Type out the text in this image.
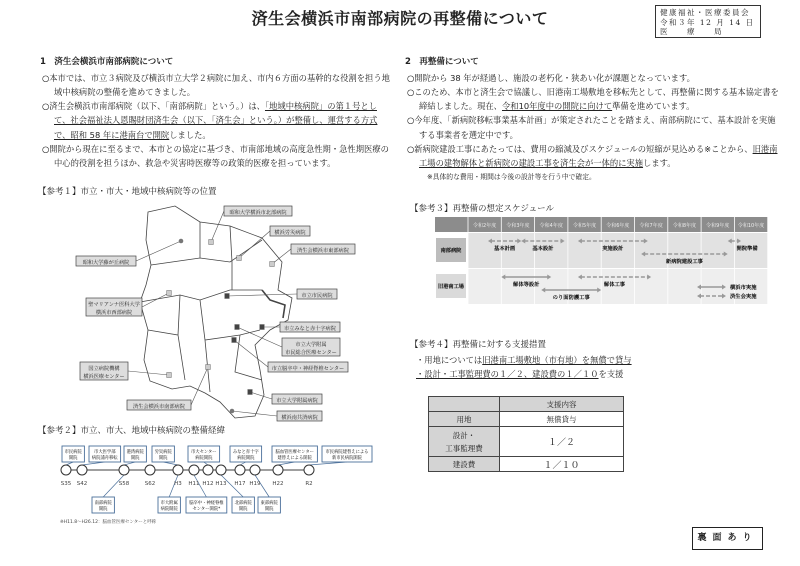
済生会横浜市南部病院の再整備について	健康福祉・医療委員会
令和３年 12 月 14 日
医　　療　　局
1　済生会横浜市南部病院について
○本市では、市立３病院及び横浜市立大学２病院に加え、市内６方面の基幹的な役割を担う地域中核病院の整備を進めてきました。
○済生会横浜市南部病院（以下、「南部病院」という。）は、「地域中核病院」の第１号として、社会福祉法人恩賜財団済生会（以下、「済生会」という。）が整備し、運営する方式で、昭和 58 年に港南台で開院しました。
○開院から現在に至るまで、本市との協定に基づき、市南部地域の高度急性期・急性期医療の中心的役割を担うほか、救急や災害時医療等の政策的医療を担っています。
2　再整備について
○開院から 38 年が経過し、施設の老朽化・狭あい化が課題となっています。
○このため、本市と済生会で協議し、旧港南工場敷地を移転先として、再整備に関する基本協定書を締結しました。現在、令和10年度中の開院に向けて準備を進めています。
○今年度、「新病院移転事業基本計画」が策定されたことを踏まえ、南部病院にて、基本設計を実施する事業者を選定中です。
○新病院建設工事にあたっては、費用の縮減及びスケジュールの短縮が見込める※ことから、旧港南工場の建物解体と新病院の建設工事を済生会が一体的に実施します。
※具体的な費用・期間は今後の設計等を行う中で確定。
【参考１】市立・市大・地域中核病院等の位置
昭和大学横浜市北部病院
横浜労災病院
済生会横浜市東部病院
昭和大学藤が丘病院
市立市民病院
聖マリアンナ医科大学
横浜市西部病院
市立みなと赤十字病院
市立大学附属
市民総合医療センター
市立脳卒中・神経脊椎センター
国立病院機構
横浜医療センター
市立大学附属病院
済生会横浜市南部病院
横浜南共済病院
【参考２】市立、市大、地域中核病院の整備経緯
市民病院
開院
市大医学部
病院浦舟移転
港湾病院
開院
労災病院
開院
市大センター
病院開院
みなと赤十字
病院開院
脳血管医療センター
建替えによる開院
市民病院建替えによる
新市民病院開院
南部病院
開院
市大附属
病院開院
脳卒中・神経脊椎
センター開院*
北部病院
開院
東部病院
開院
S35 S42	S58	S62	H3 H11 H12 H13 H17 H19 H22	R2
※H11.8～H26.12：脳血管医療センターと呼称
【参考３】再整備の想定スケジュール
令和2年度 令和3年度 令和4年度 令和5年度 令和6年度 令和7年度 令和8年度 令和9年度 令和10年度
南部病院
旧港南工場
基本計画	基本設計	実施設計
新病院建設工事
開院準備
解体等設計	解体工事
のり面防護工事
横浜市実施
済生会実施
【参考４】再整備に対する支援措置
・用地については旧港南工場敷地（市有地）を無償で貸与
・設計・工事監理費の１／２、建設費の１／１０を支援
	支援内容
用地	無償貸与
設計・
工事監理費	１／２
建設費	１／１０
裏面あり
